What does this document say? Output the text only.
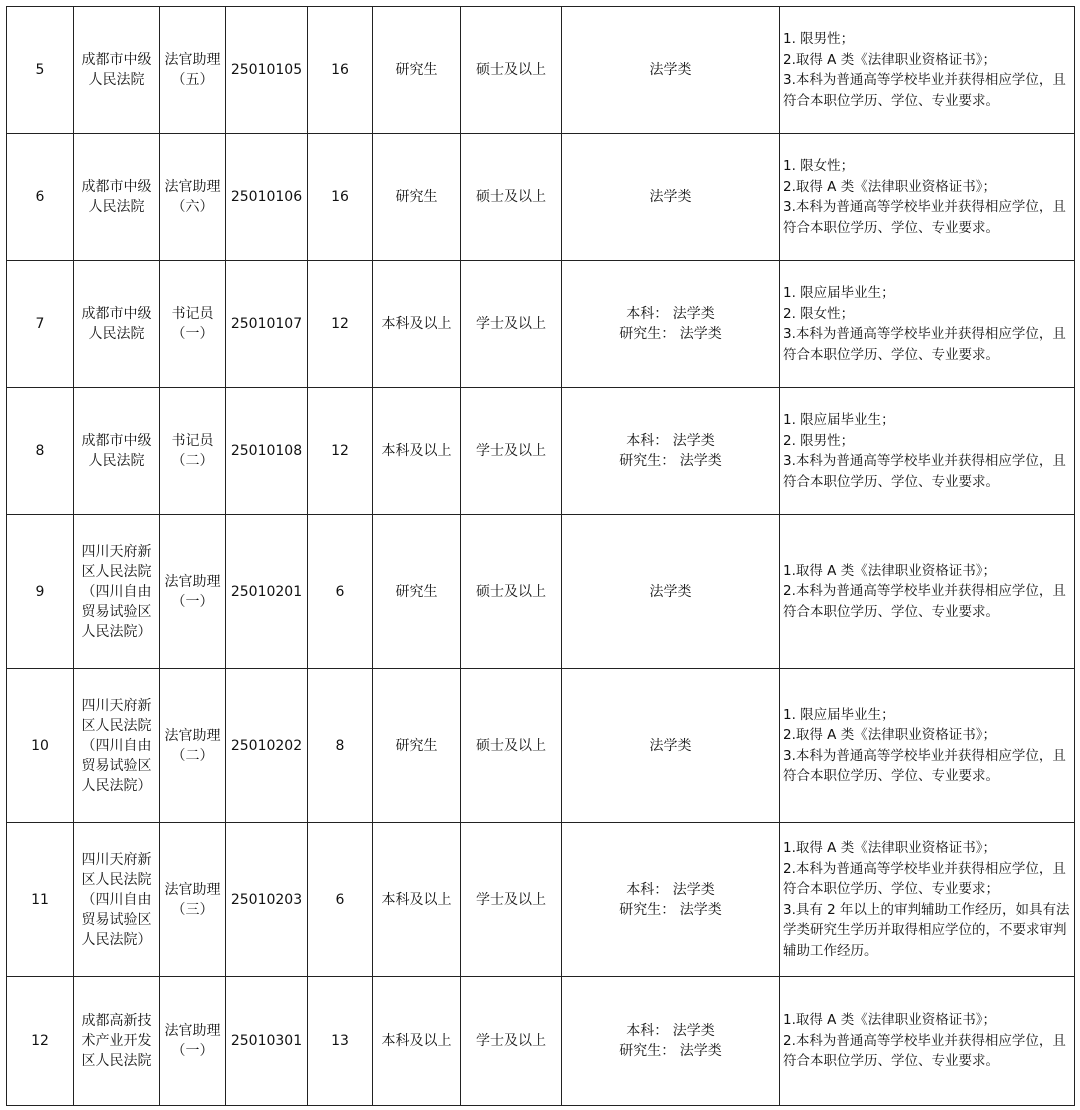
5	成都市中级人民法院	法官助理
（五）	25010105	16	研究生	硕士及以上	法学类	1. 限男性；
2.取得 A 类《法律职业资格证书》；
3.本科为普通高等学校毕业并获得相应学位，且符合本职位学历、学位、专业要求。

6	成都市中级人民法院	法官助理
（六）	25010106	16	研究生	硕士及以上	法学类	1. 限女性；
2.取得 A 类《法律职业资格证书》；
3.本科为普通高等学校毕业并获得相应学位，且符合本职位学历、学位、专业要求。

7	成都市中级人民法院	书记员
（一）	25010107	12	本科及以上	学士及以上	本科： 法学类
研究生： 法学类	1. 限应届毕业生；
2. 限女性；
3.本科为普通高等学校毕业并获得相应学位，且符合本职位学历、学位、专业要求。

8	成都市中级人民法院	书记员
（二）	25010108	12	本科及以上	学士及以上	本科： 法学类
研究生： 法学类	1. 限应届毕业生；
2. 限男性；
3.本科为普通高等学校毕业并获得相应学位，且符合本职位学历、学位、专业要求。

9	四川天府新区人民法院（四川自由贸易试验区人民法院）	法官助理
（一）	25010201	6	研究生	硕士及以上	法学类	1.取得 A 类《法律职业资格证书》；
2.本科为普通高等学校毕业并获得相应学位，且符合本职位学历、学位、专业要求。

10	四川天府新区人民法院（四川自由贸易试验区人民法院）	法官助理
（二）	25010202	8	研究生	硕士及以上	法学类	1. 限应届毕业生；
2.取得 A 类《法律职业资格证书》；
3.本科为普通高等学校毕业并获得相应学位，且符合本职位学历、学位、专业要求。

11	四川天府新区人民法院（四川自由贸易试验区人民法院）	法官助理
（三）	25010203	6	本科及以上	学士及以上	本科： 法学类
研究生： 法学类	1.取得 A 类《法律职业资格证书》；
2.本科为普通高等学校毕业并获得相应学位，且符合本职位学历、学位、专业要求；
3.具有 2 年以上的审判辅助工作经历，如具有法学类研究生学历并取得相应学位的，不要求审判辅助工作经历。

12	成都高新技术产业开发区人民法院	法官助理
（一）	25010301	13	本科及以上	学士及以上	本科： 法学类
研究生： 法学类	1.取得 A 类《法律职业资格证书》；
2.本科为普通高等学校毕业并获得相应学位，且符合本职位学历、学位、专业要求。
